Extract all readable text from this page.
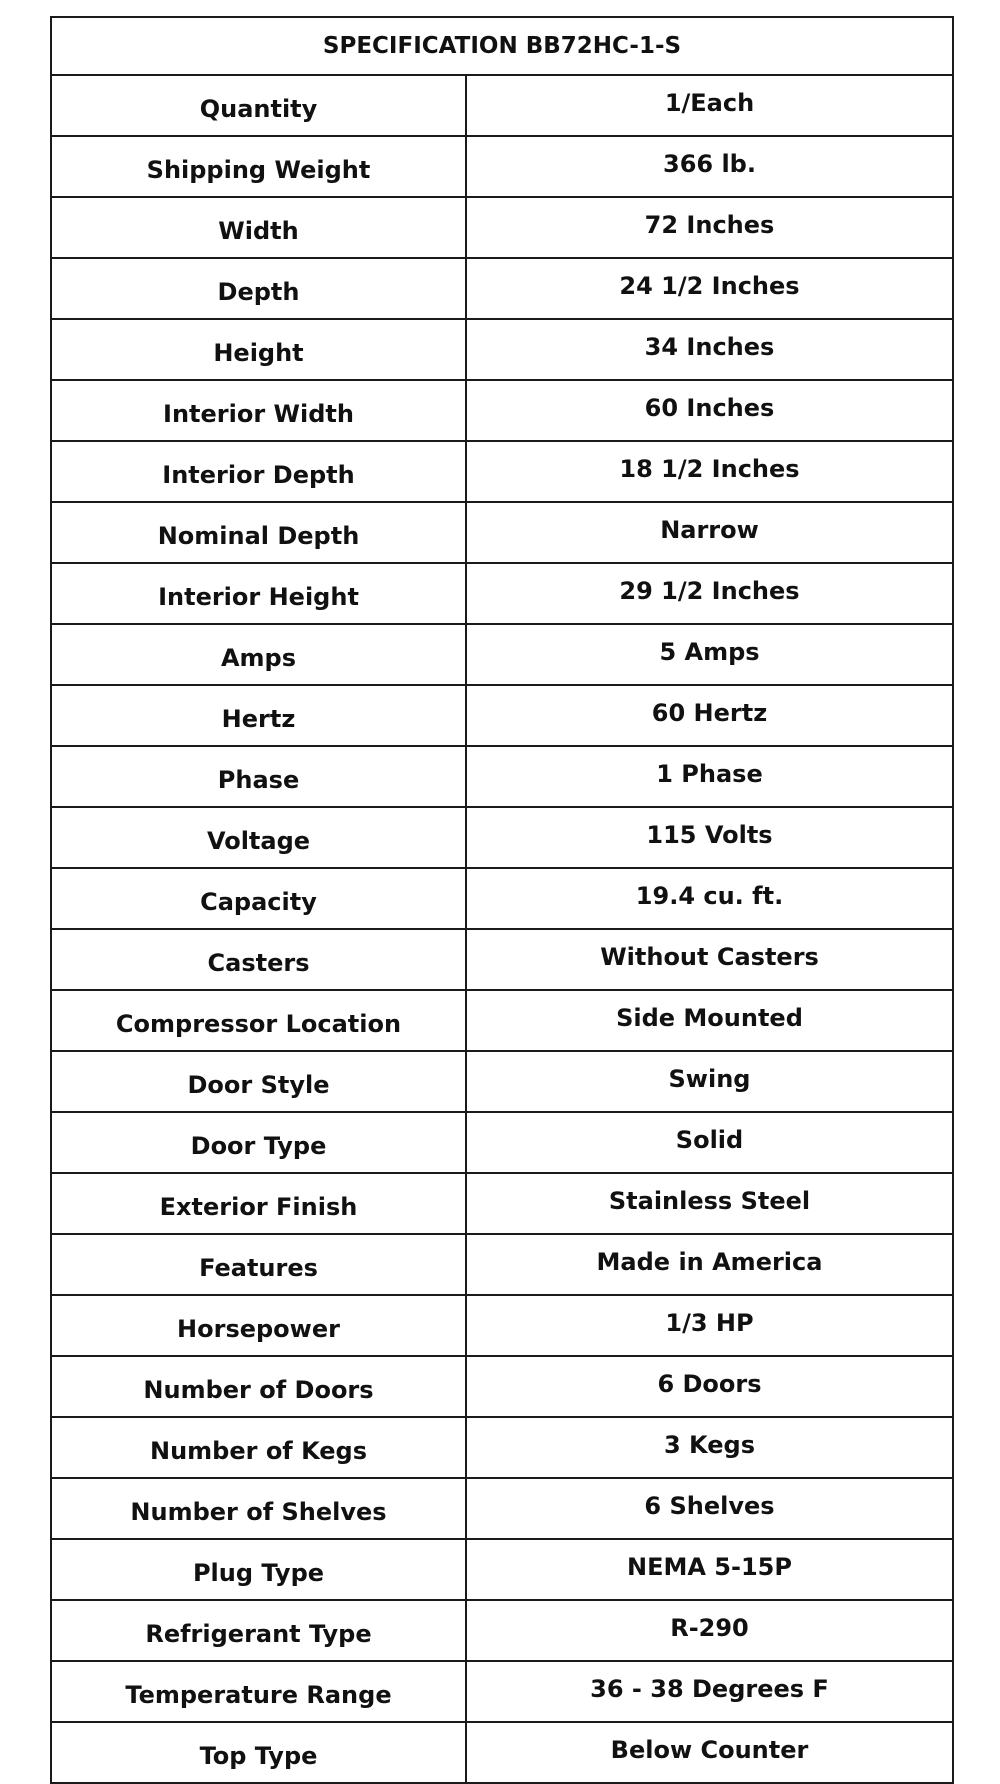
SPECIFICATION BB72HC-1-S	
Quantity	1/Each
Shipping Weight	366 lb.
Width	72 Inches
Depth	24 1/2 Inches
Height	34 Inches
Interior Width	60 Inches
Interior Depth	18 1/2 Inches
Nominal Depth	Narrow
Interior Height	29 1/2 Inches
Amps	5 Amps
Hertz	60 Hertz
Phase	1 Phase
Voltage	115 Volts
Capacity	19.4 cu. ft.
Casters	Without Casters
Compressor Location	Side Mounted
Door Style	Swing
Door Type	Solid
Exterior Finish	Stainless Steel
Features	Made in America
Horsepower	1/3 HP
Number of Doors	6 Doors
Number of Kegs	3 Kegs
Number of Shelves	6 Shelves
Plug Type	NEMA 5-15P
Refrigerant Type	R-290
Temperature Range	36 - 38 Degrees F
Top Type	Below Counter
